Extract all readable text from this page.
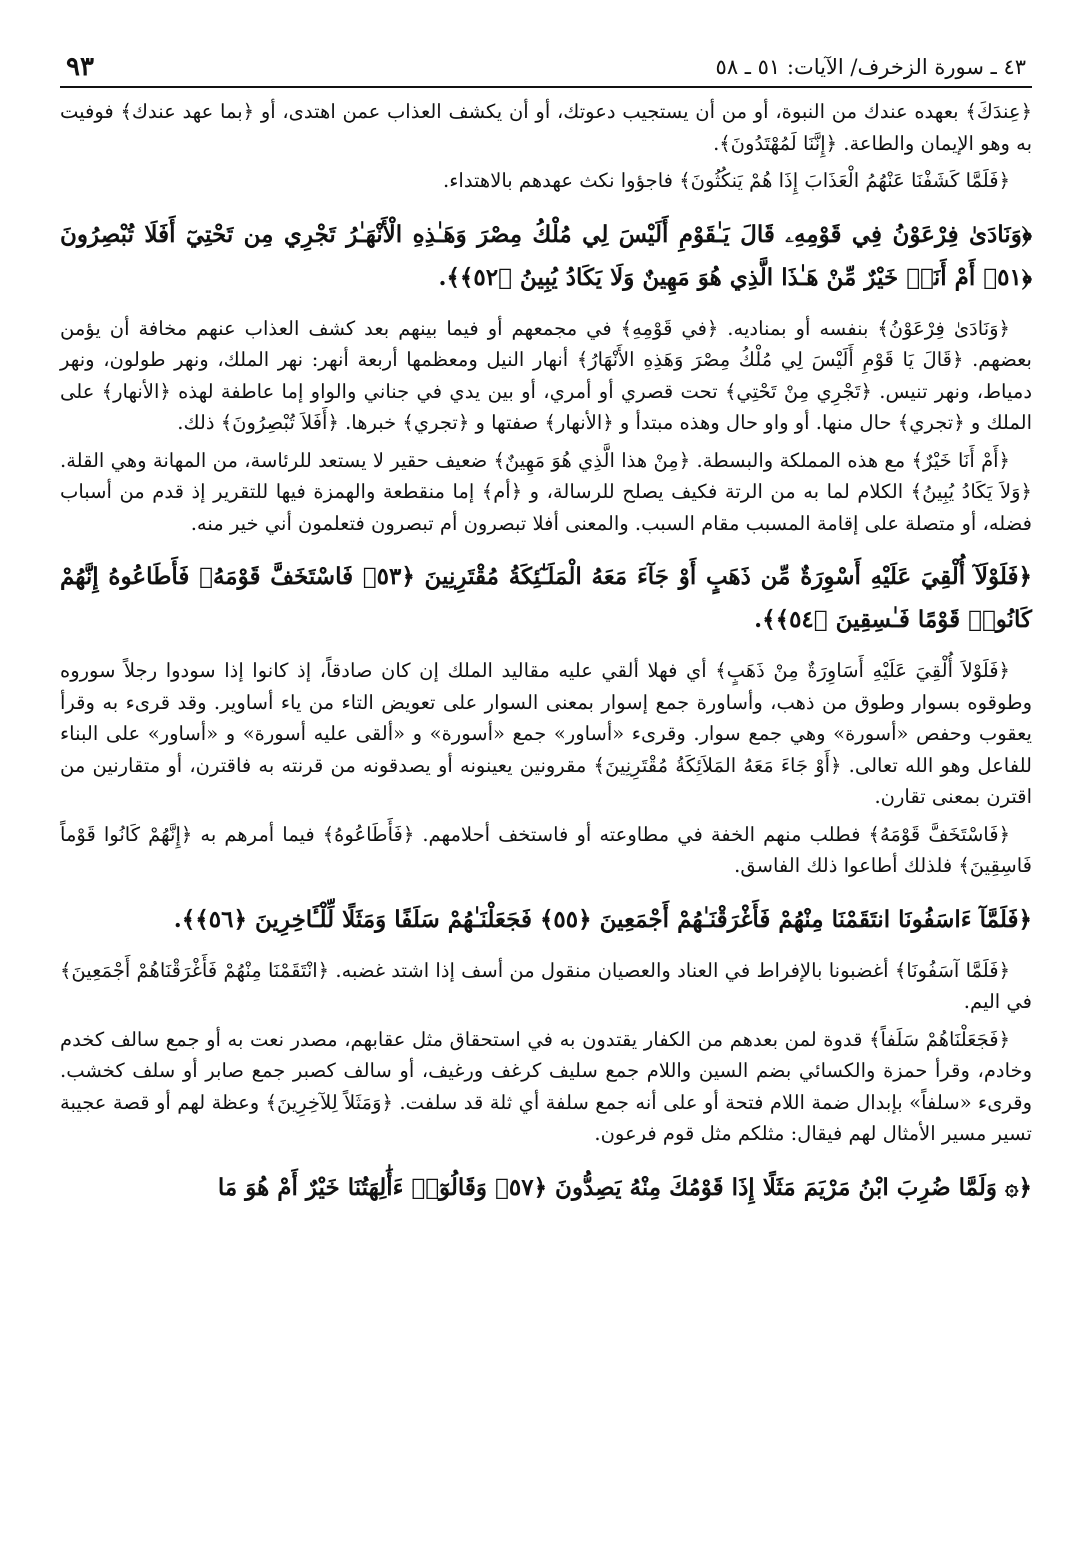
٤٣ ـ سورة الزخرف/ الآيات: ٥١ ـ ٥٨
٩٣

﴿عِندَكَ﴾ بعهده عندك من النبوة، أو من أن يستجيب دعوتك، أو أن يكشف العذاب عمن اهتدى، أو ﴿بما عهد عندك﴾ فوفيت به وهو الإيمان والطاعة. ﴿إِنَّنَا لَمُهْتَدُونَ﴾.

﴿فَلَمَّا كَشَفْنَا عَنْهُمُ الْعَذَابَ إِذَا هُمْ يَنكُثُونَ﴾ فاجؤوا نكث عهدهم بالاهتداء.

﴿وَنَادَىٰ فِرْعَوْنُ فِي قَوْمِهِۦ قَالَ يَـٰقَوْمِ أَلَيْسَ لِي مُلْكُ مِصْرَ وَهَـٰذِهِ الْأَنْهَـٰرُ تَجْرِي مِن تَحْتِيٓ أَفَلَا تُبْصِرُونَ ﴿٥١﴾ أَمْ أَنَا۠ خَيْرٌ مِّنْ هَـٰذَا الَّذِي هُوَ مَهِينٌ وَلَا يَكَادُ يُبِينُ ﴿٥٢﴾﴾.

﴿وَنَادَىٰ فِرْعَوْنُ﴾ بنفسه أو بمناديه. ﴿في قَوْمِهِ﴾ في مجمعهم أو فيما بينهم بعد كشف العذاب عنهم مخافة أن يؤمن بعضهم. ﴿قَالَ يَا قَوْمِ أَلَيْسَ لِي مُلْكُ مِصْرَ وَهَذِهِ الأَنْهَارُ﴾ أنهار النيل ومعظمها أربعة أنهر: نهر الملك، ونهر طولون، ونهر دمياط، ونهر تنيس. ﴿تَجْرِي مِنْ تَحْتِي﴾ تحت قصري أو أمري، أو بين يدي في جناني والواو إما عاطفة لهذه ﴿الأنهار﴾ على الملك و ﴿تجري﴾ حال منها. أو واو حال وهذه مبتدأ و ﴿الأنهار﴾ صفتها و ﴿تجري﴾ خبرها. ﴿أَفَلاَ تُبْصِرُونَ﴾ ذلك.

﴿أَمْ أَنَا خَيْرٌ﴾ مع هذه المملكة والبسطة. ﴿مِنْ هذا الَّذِي هُوَ مَهِينٌ﴾ ضعيف حقير لا يستعد للرئاسة، من المهانة وهي القلة. ﴿وَلاَ يَكَادُ يُبِينُ﴾ الكلام لما به من الرتة فكيف يصلح للرسالة، و ﴿أم﴾ إما منقطعة والهمزة فيها للتقرير إذ قدم من أسباب فضله، أو متصلة على إقامة المسبب مقام السبب. والمعنى أفلا تبصرون أم تبصرون فتعلمون أني خير منه.

﴿فَلَوْلَآ أُلْقِيَ عَلَيْهِ أَسْوِرَةٌ مِّن ذَهَبٍ أَوْ جَآءَ مَعَهُ الْمَلَـٰٓئِكَةُ مُقْتَرِنِينَ ﴿٥٣﴾ فَاسْتَخَفَّ قَوْمَهُۥ فَأَطَاعُوهُ إِنَّهُمْ كَانُوا۟ قَوْمًا فَـٰسِقِينَ ﴿٥٤﴾﴾.

﴿فَلَوْلاَ أُلْقِيَ عَلَيْهِ أَسَاوِرَةٌ مِنْ ذَهَبٍ﴾ أي فهلا ألقي عليه مقاليد الملك إن كان صادقاً، إذ كانوا إذا سودوا رجلاً سوروه وطوقوه بسوار وطوق من ذهب، وأساورة جمع إسوار بمعنى السوار على تعويض التاء من ياء أساوير. وقد قرىء به وقرأ يعقوب وحفص «أسورة» وهي جمع سوار. وقرىء «أساور» جمع «أسورة» و «ألقى عليه أسورة» و «أساور» على البناء للفاعل وهو الله تعالى. ﴿أَوْ جَاءَ مَعَهُ المَلاَئِكَةُ مُقْتَرِنِينَ﴾ مقرونين يعينونه أو يصدقونه من قرنته به فاقترن، أو متقارنين من اقترن بمعنى تقارن.

﴿فَاسْتَخَفَّ قَوْمَهُ﴾ فطلب منهم الخفة في مطاوعته أو فاستخف أحلامهم. ﴿فَأَطَاعُوهُ﴾ فيما أمرهم به ﴿إِنَّهُمْ كَانُوا قَوْماً فَاسِقِينَ﴾ فلذلك أطاعوا ذلك الفاسق.

﴿فَلَمَّآ ءَاسَفُونَا انتَقَمْنَا مِنْهُمْ فَأَغْرَقْنَـٰهُمْ أَجْمَعِينَ ﴿٥٥﴾ فَجَعَلْنَـٰهُمْ سَلَفًا وَمَثَلًا لِّلْـَٔاخِرِينَ ﴿٥٦﴾﴾.

﴿فَلَمَّا آسَفُونَا﴾ أغضبونا بالإفراط في العناد والعصيان منقول من أسف إذا اشتد غضبه. ﴿انْتَقَمْنَا مِنْهُمْ فَأَغْرَقْنَاهُمْ أَجْمَعِينَ﴾ في اليم.

﴿فَجَعَلْنَاهُمْ سَلَفاً﴾ قدوة لمن بعدهم من الكفار يقتدون به في استحقاق مثل عقابهم، مصدر نعت به أو جمع سالف كخدم وخادم، وقرأ حمزة والكسائي بضم السين واللام جمع سليف كرغف ورغيف، أو سالف كصبر جمع صابر أو سلف كخشب. وقرىء «سلفاً» بإبدال ضمة اللام فتحة أو على أنه جمع سلفة أي ثلة قد سلفت. ﴿وَمَثَلاً لِلآخِرِينَ﴾ وعظة لهم أو قصة عجيبة تسير مسير الأمثال لهم فيقال: مثلكم مثل قوم فرعون.

﴿۞ وَلَمَّا ضُرِبَ ابْنُ مَرْيَمَ مَثَلًا إِذَا قَوْمُكَ مِنْهُ يَصِدُّونَ ﴿٥٧﴾ وَقَالُوٓا۟ ءَأَٰلِهَتُنَا خَيْرٌ أَمْ هُوَ مَا
